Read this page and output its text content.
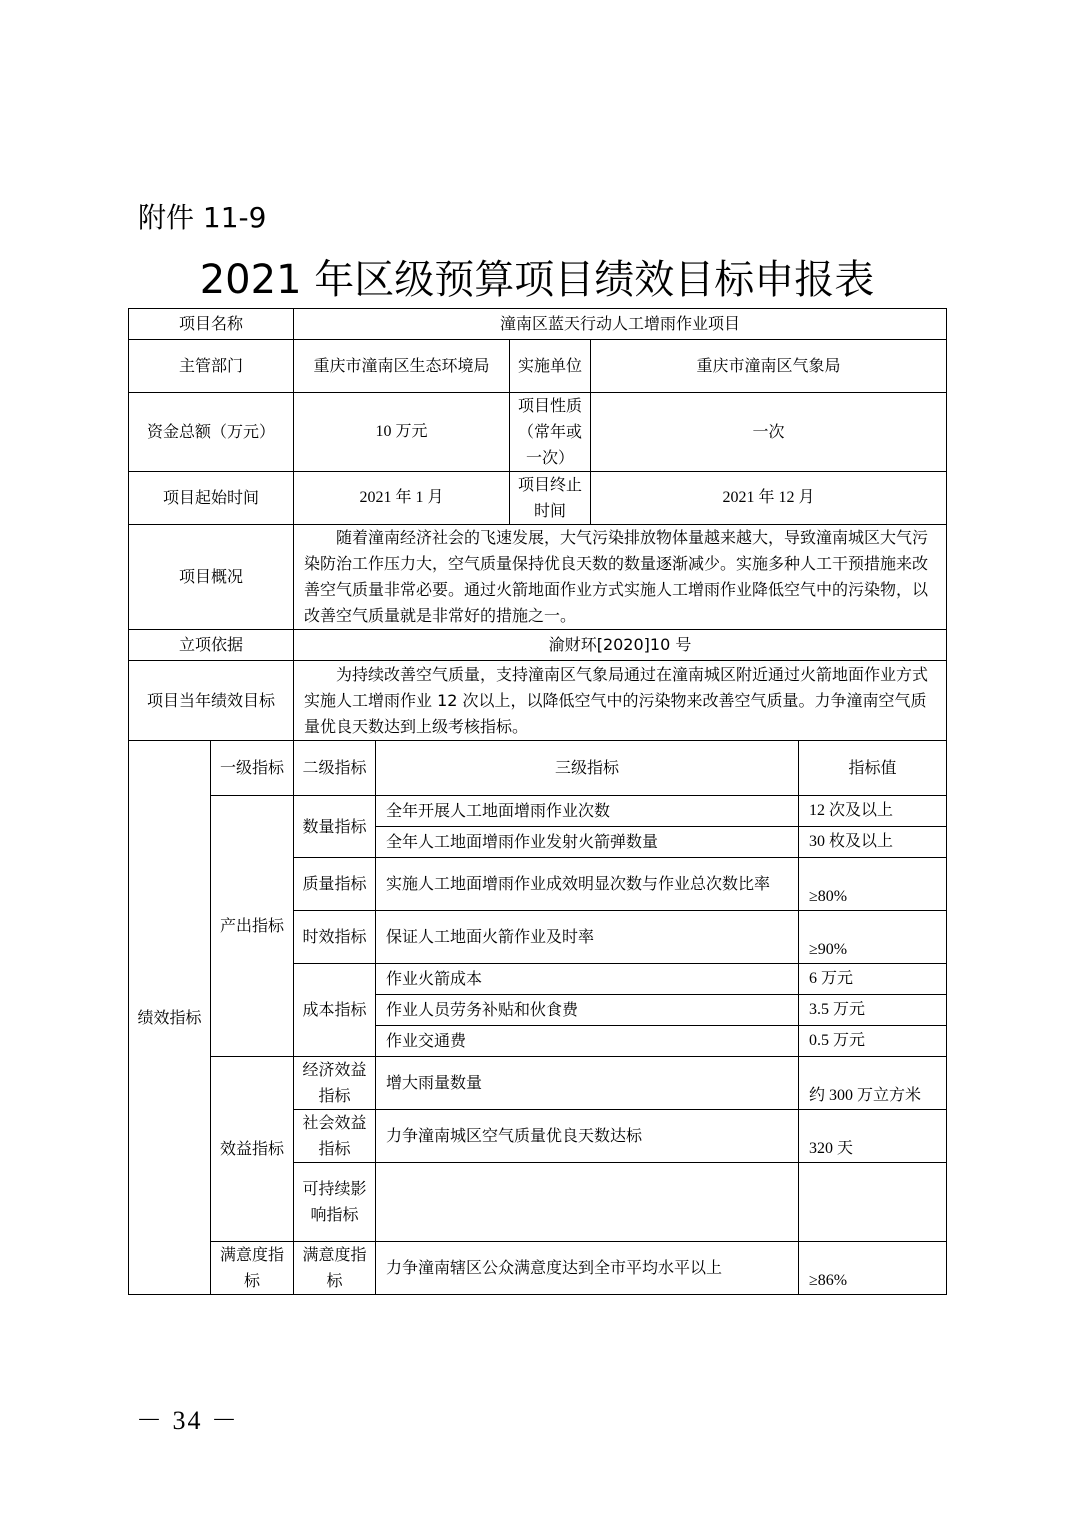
附件 11-9
2021 年区级预算项目绩效目标申报表
项目名称		潼南区蓝天行动人工增雨作业项目				
主管部门		重庆市潼南区生态环境局		实施单位	重庆市潼南区气象局	
资金总额（万元）		10 万元		项目性质（常年或一次）	一次	
项目起始时间		2021 年 1 月		项目终止时间	2021 年 12 月	
项目概况		　　随着潼南经济社会的飞速发展，大气污染排放物体量越来越大，导致潼南城区大气污染防治工作压力大，空气质量保持优良天数的数量逐渐减少。实施多种人工干预措施来改善空气质量非常必要。通过火箭地面作业方式实施人工增雨作业降低空气中的污染物，以改善空气质量就是非常好的措施之一。				
立项依据		渝财环[2020]10 号				
项目当年绩效目标		　　为持续改善空气质量，支持潼南区气象局通过在潼南城区附近通过火箭地面作业方式实施人工增雨作业 12 次以上，以降低空气中的污染物来改善空气质量。力争潼南空气质量优良天数达到上级考核指标。				
绩效指标	一级指标	二级指标	三级指标			指标值
	产出指标	数量指标	全年开展人工地面增雨作业次数			12 次及以上
			全年人工地面增雨作业发射火箭弹数量			30 枚及以上
		质量指标	实施人工地面增雨作业成效明显次数与作业总次数比率			≥80%
		时效指标	保证人工地面火箭作业及时率			≥90%
		成本指标	作业火箭成本			6 万元
			作业人员劳务补贴和伙食费			3.5 万元
			作业交通费			0.5 万元
	效益指标	经济效益指标	增大雨量数量			约 300 万立方米
		社会效益指标	力争潼南城区空气质量优良天数达标			320 天
		可持续影响指标				
	满意度指标	满意度指标	力争潼南辖区公众满意度达到全市平均水平以上			≥86%
－ 34 －
